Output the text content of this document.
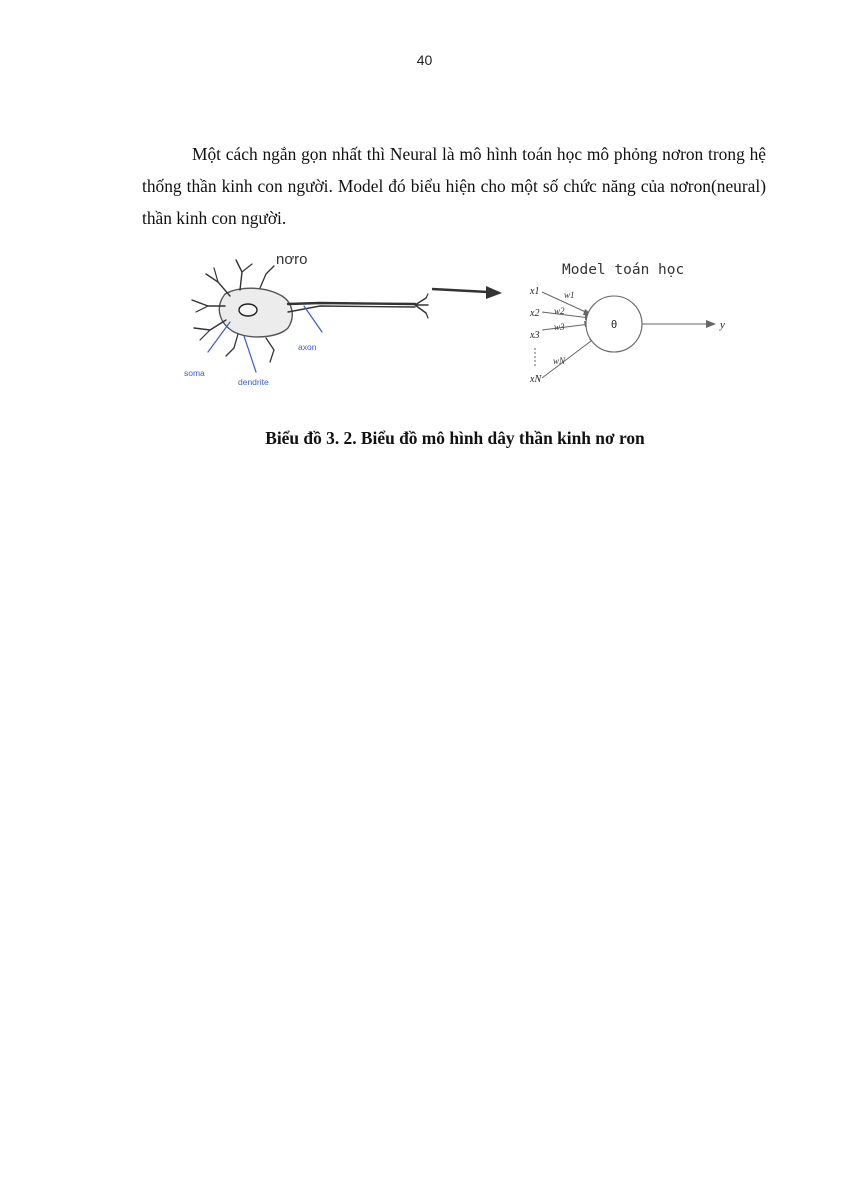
40

Một cách ngắn gọn nhất thì Neural là mô hình toán học mô phỏng nơron trong hệ thống thần kinh con người. Model đó biểu hiện cho một số chức năng của nơron(neural) thần kinh con người.

nơro
soma
dendrite
axon
Model toán học
x1
x2
x3
xN
w1
w2
w3
wN
θ	y
Biểu đồ 3. 2. Biểu đồ mô hình dây thần kinh nơ ron
